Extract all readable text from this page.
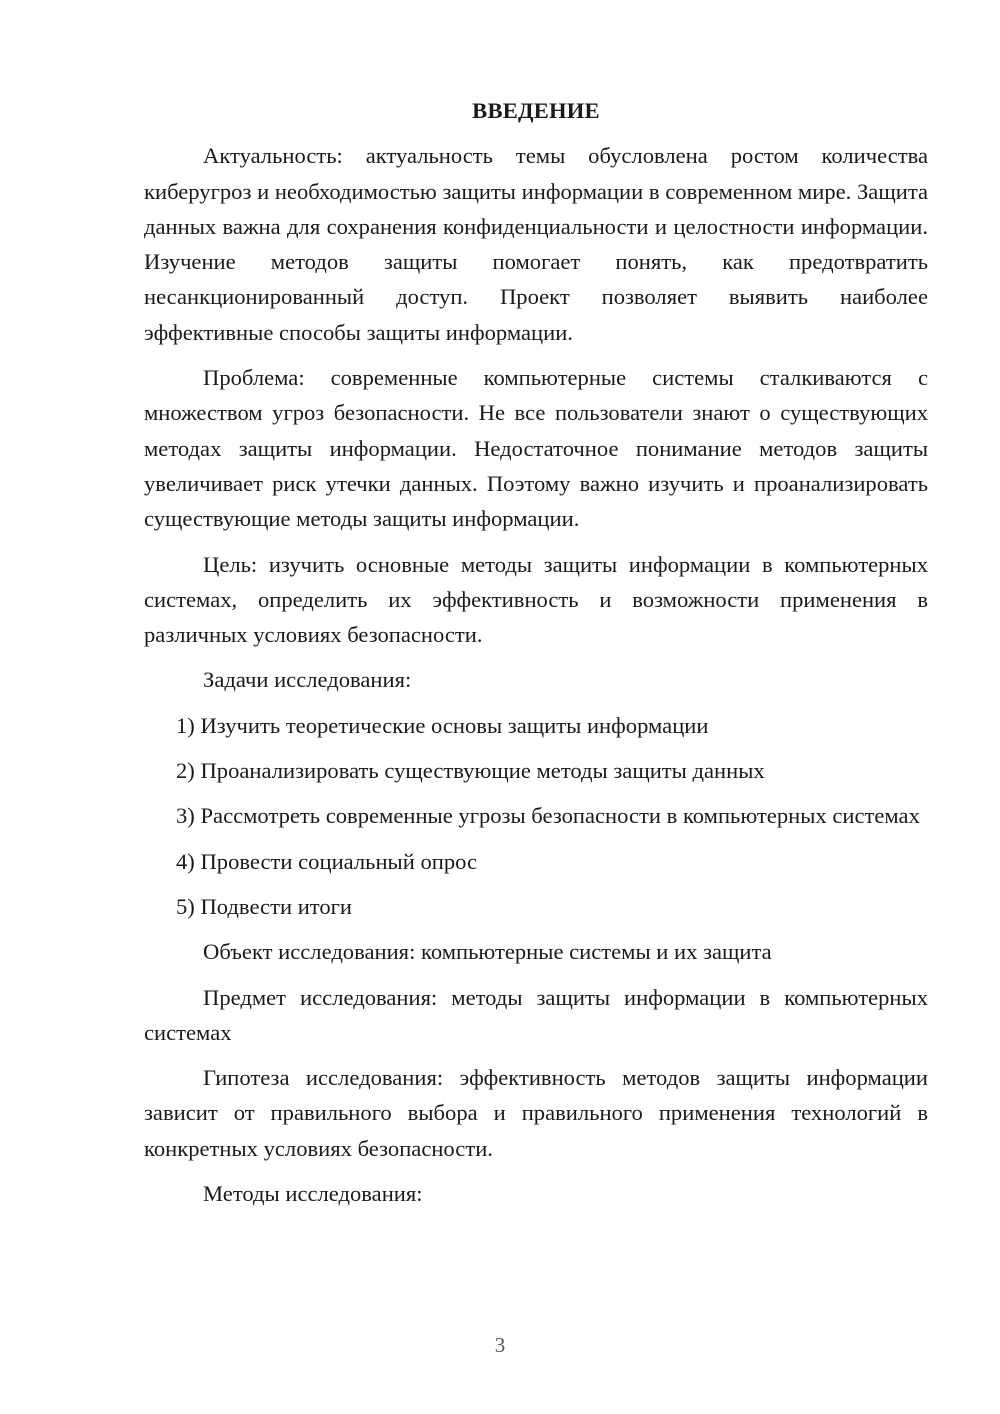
ВВЕДЕНИЕ

Актуальность: актуальность темы обусловлена ростом количества киберугроз и необходимостью защиты информации в современном мире. Защита данных важна для сохранения конфиденциальности и целостности информации. Изучение методов защиты помогает понять, как предотвратить несанкционированный доступ. Проект позволяет выявить наиболее эффективные способы защиты информации.

Проблема: современные компьютерные системы сталкиваются с множеством угроз безопасности. Не все пользователи знают о существующих методах защиты информации. Недостаточное понимание методов защиты увеличивает риск утечки данных. Поэтому важно изучить и проанализировать существующие методы защиты информации.

Цель: изучить основные методы защиты информации в компьютерных системах, определить их эффективность и возможности применения в различных условиях безопасности.

Задачи исследования:

1) Изучить теоретические основы защиты информации

2) Проанализировать существующие методы защиты данных

3) Рассмотреть современные угрозы безопасности в компьютерных системах

4) Провести социальный опрос

5) Подвести итоги

Объект исследования: компьютерные системы и их защита

Предмет исследования: методы защиты информации в компьютерных системах

Гипотеза исследования: эффективность методов защиты информации зависит от правильного выбора и правильного применения технологий в конкретных условиях безопасности.

Методы исследования:

3
